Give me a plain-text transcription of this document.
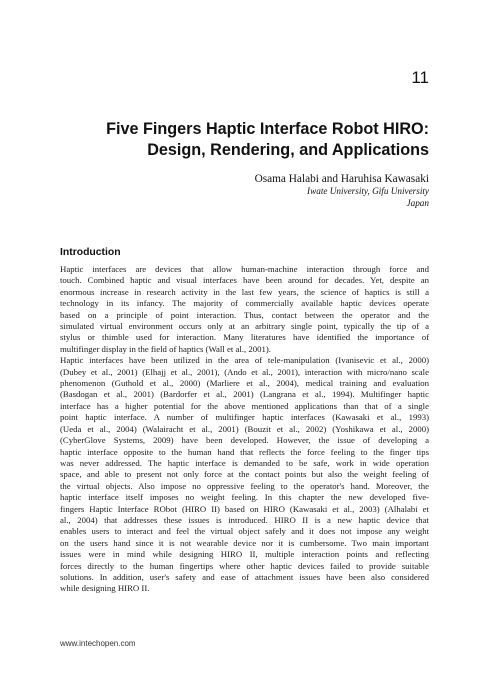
11
Five Fingers Haptic Interface Robot HIRO:
Design, Rendering, and Applications
Osama Halabi and Haruhisa Kawasaki
Iwate University, Gifu University
Japan
Introduction
Haptic interfaces are devices that allow human-machine interaction through force and
touch. Combined haptic and visual interfaces have been around for decades. Yet, despite an
enormous increase in research activity in the last few years, the science of haptics is still a
technology in its infancy. The majority of commercially available haptic devices operate
based on a principle of point interaction. Thus, contact between the operator and the
simulated virtual environment occurs only at an arbitrary single point, typically the tip of a
stylus or thimble used for interaction. Many literatures have identified the importance of
multifinger display in the field of haptics (Wall et al., 2001).
Haptic interfaces have been utilized in the area of tele-manipulation (Ivanisevic et al., 2000)
(Dubey et al., 2001) (Elhajj et al., 2001), (Ando et al., 2001), interaction with micro/nano scale
phenomenon (Guthold et al., 2000) (Marliere et al., 2004), medical training and evaluation
(Basdogan et al., 2001) (Bardorfer et al., 2001) (Langrana et al., 1994). Multifinger haptic
interface has a higher potential for the above mentioned applications than that of a single
point haptic interface. A number of multifinger haptic interfaces (Kawasaki et al., 1993)
(Ueda et al., 2004) (Walairacht et al., 2001) (Bouzit et al., 2002) (Yoshikawa et al., 2000)
(CyberGlove Systems, 2009) have been developed. However, the issue of developing a
haptic interface opposite to the human hand that reflects the force feeling to the finger tips
was never addressed. The haptic interface is demanded to be safe, work in wide operation
space, and able to present not only force at the contact points but also the weight feeling of
the virtual objects. Also impose no oppressive feeling to the operator's hand. Moreover, the
haptic interface itself imposes no weight feeling. In this chapter the new developed five-
fingers Haptic Interface RObot (HIRO II) based on HIRO (Kawasaki et al., 2003) (Alhalabi et
al., 2004) that addresses these issues is introduced. HIRO II is a new haptic device that
enables users to interact and feel the virtual object safely and it does not impose any weight
on the users hand since it is not wearable device nor it is cumbersome. Two main important
issues were in mind while designing HIRO II, multiple interaction points and reflecting
forces directly to the human fingertips where other haptic devices failed to provide suitable
solutions. In addition, user's safety and ease of attachment issues have been also considered
while designing HIRO II.
www.intechopen.com
